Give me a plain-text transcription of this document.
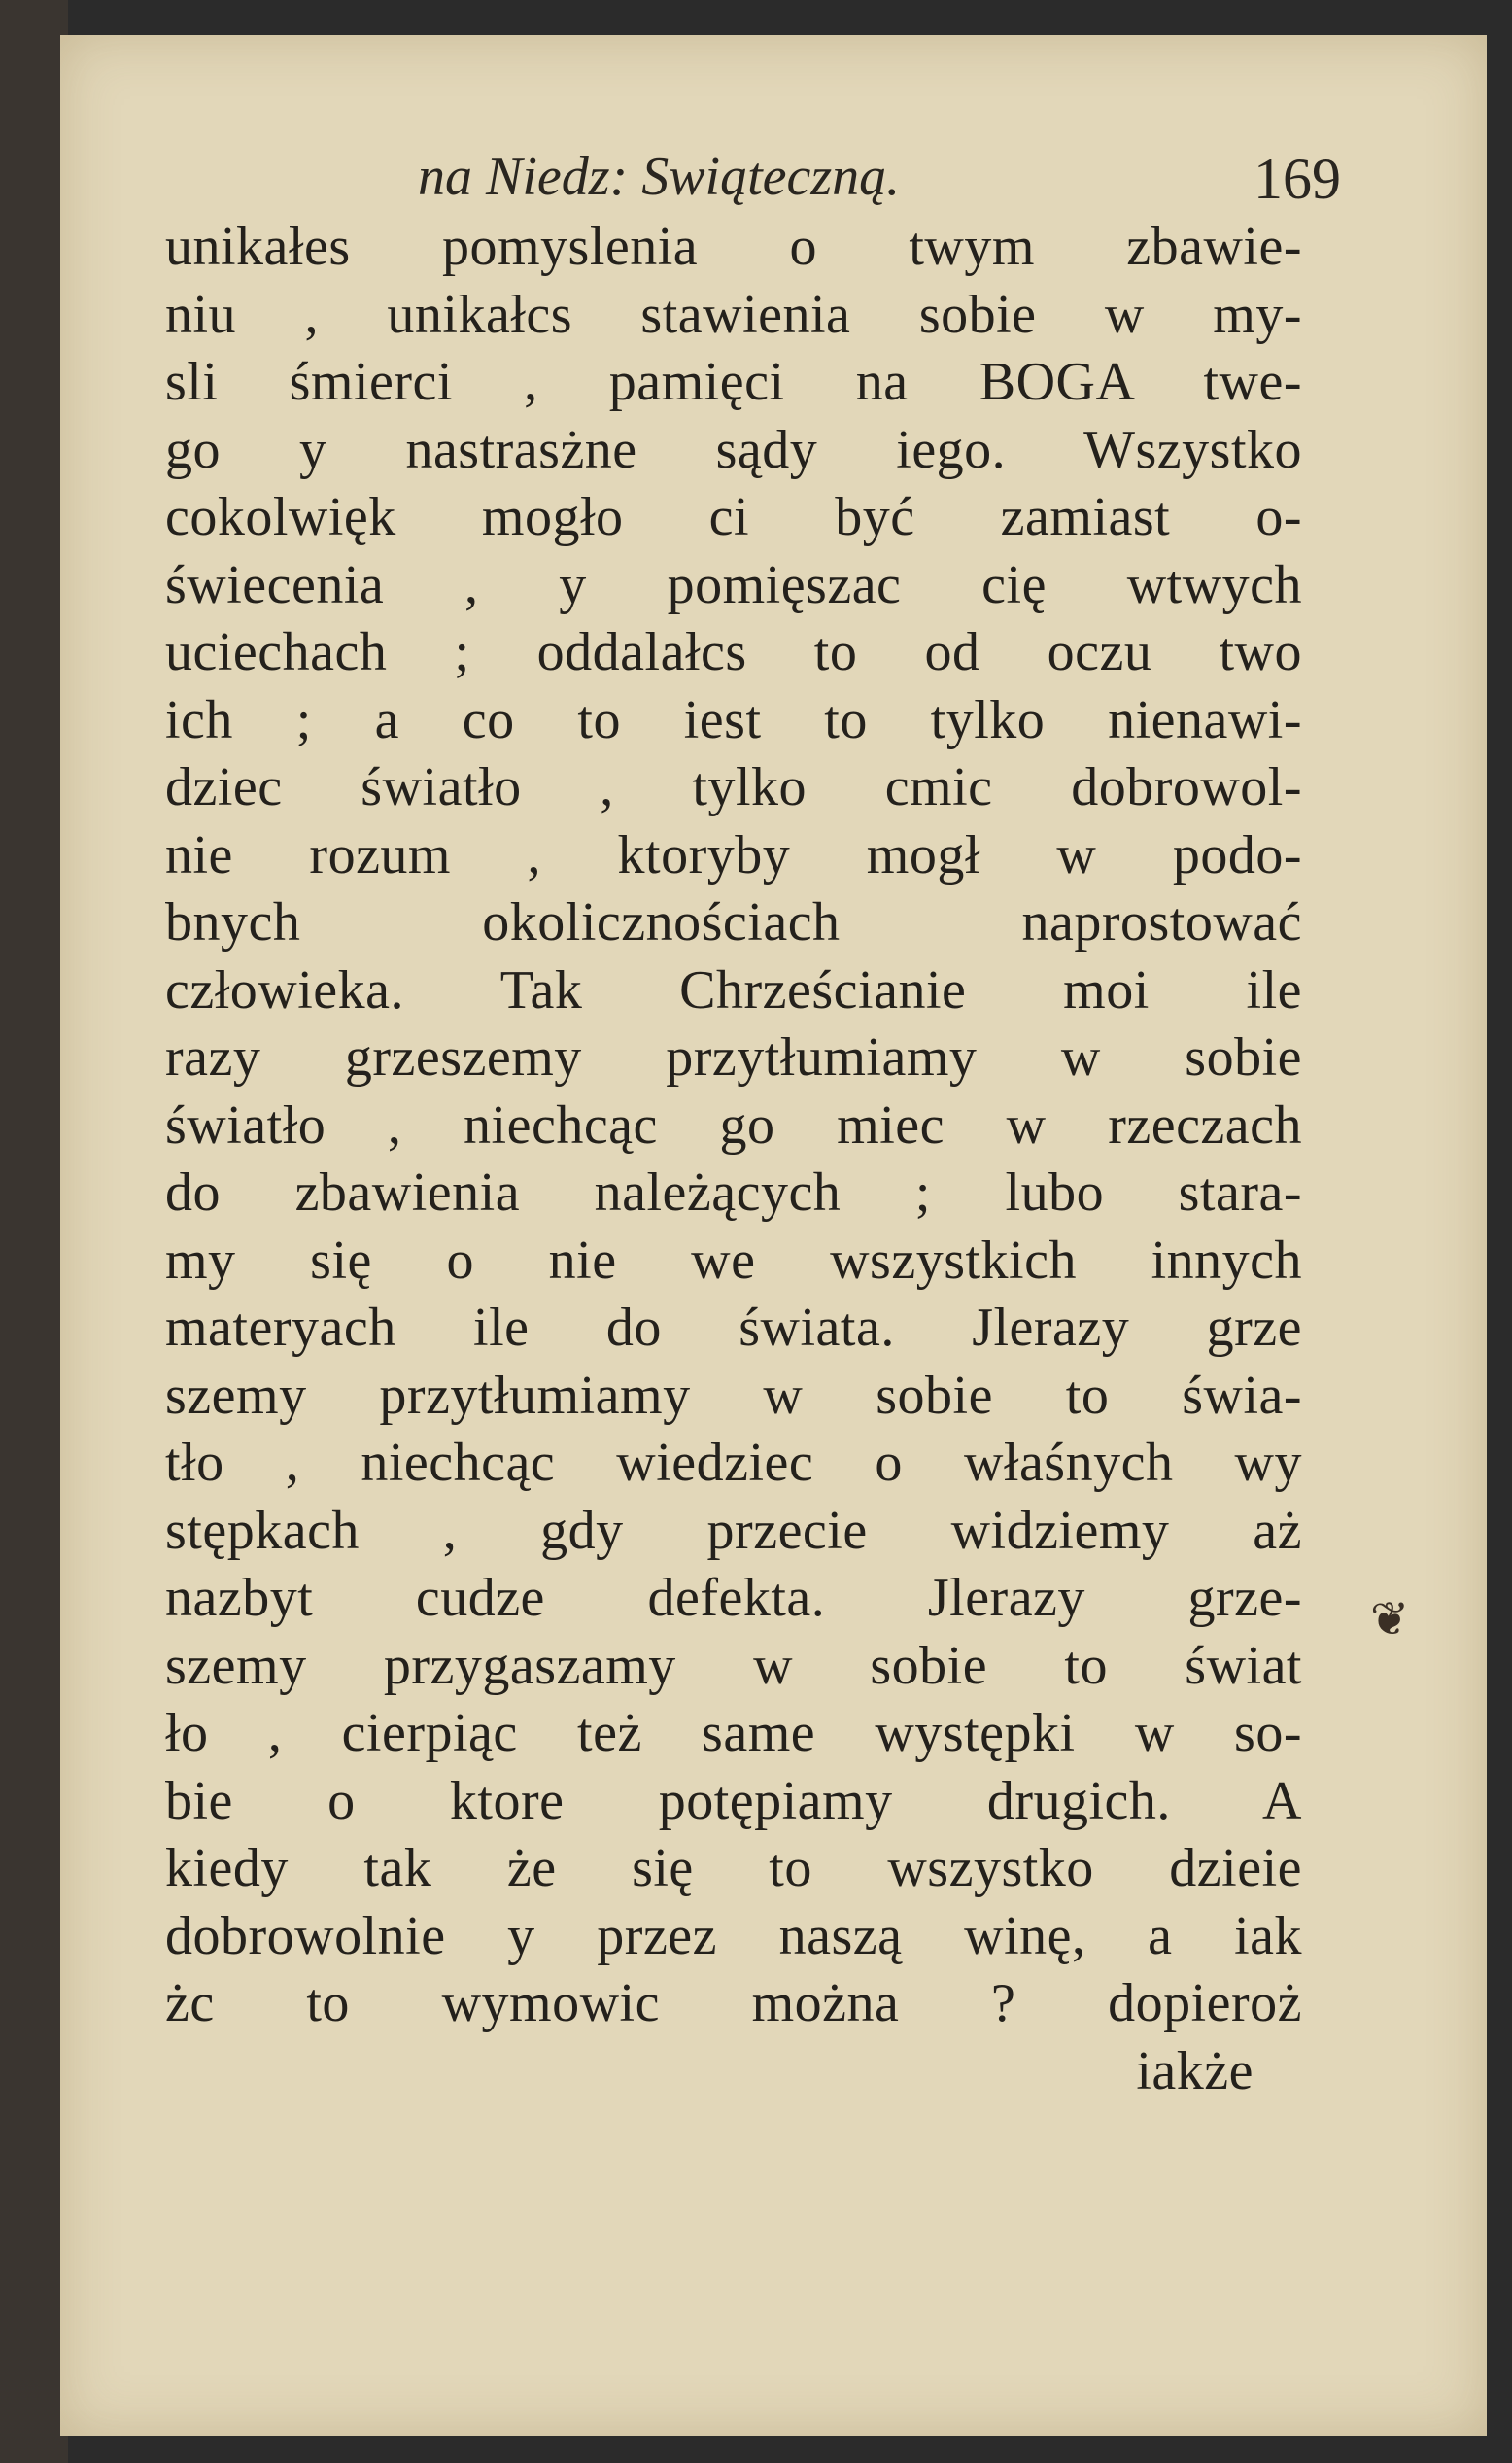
na Niedz: Swiąteczną.	169
unikałes pomyslenia o twym zbawie-
niu , unikałcs stawienia sobie w my-
sli śmierci , pamięci na BOGA twe-
go y nastrasżne sądy iego. Wszystko
cokolwięk mogło ci być zamiast o-
świecenia , y pomięszac cię wtwych
uciechach ; oddalałcs to od oczu two
ich ; a co to iest to tylko nienawi-
dziec światło , tylko cmic dobrowol-
nie rozum , ktoryby mogł w podo-
bnych okolicznościach naprostować
człowieka. Tak Chrześcianie moi ile
razy grzeszemy przytłumiamy w sobie
światło , niechcąc go miec w rzeczach
do zbawienia należących ; lubo stara-
my się o nie we wszystkich innych
materyach ile do świata. Jlerazy grze
szemy przytłumiamy w sobie to świa-
tło , niechcąc wiedziec o właśnych wy
stępkach , gdy przecie widziemy aż
nazbyt cudze defekta. Jlerazy grze-
szemy przygaszamy w sobie to świat
ło , cierpiąc też same występki w so-
bie o ktore potępiamy drugich. A
kiedy tak że się to wszystko dzieie
dobrowolnie y przez naszą winę, a iak
żc to wymowic można ? dopieroż
iakże
❦
